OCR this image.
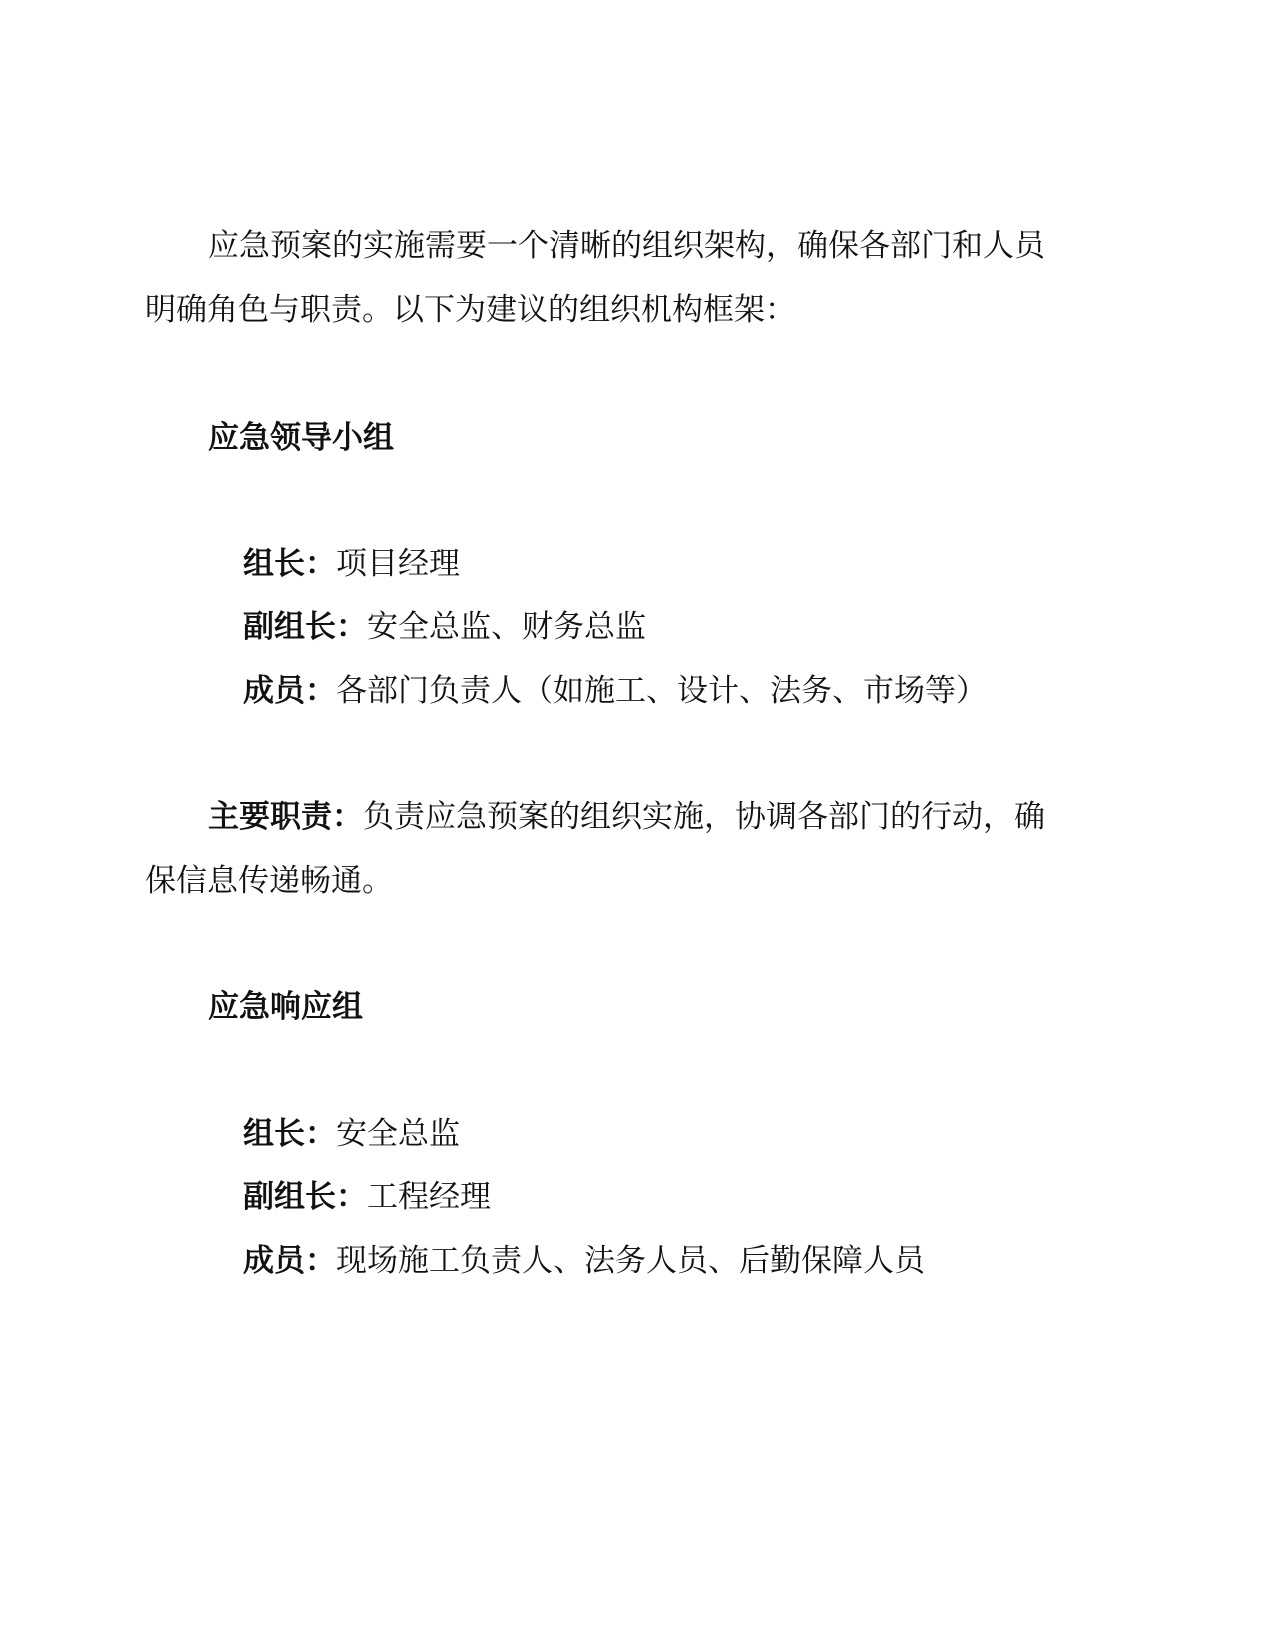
应急预案的实施需要一个清晰的组织架构，确保各部门和人员

明确角色与职责。以下为建议的组织机构框架：

应急领导小组

组长：项目经理

副组长：安全总监、财务总监

成员：各部门负责人（如施工、设计、法务、市场等）

主要职责：负责应急预案的组织实施，协调各部门的行动，确

保信息传递畅通。

应急响应组

组长：安全总监

副组长：工程经理

成员：现场施工负责人、法务人员、后勤保障人员
